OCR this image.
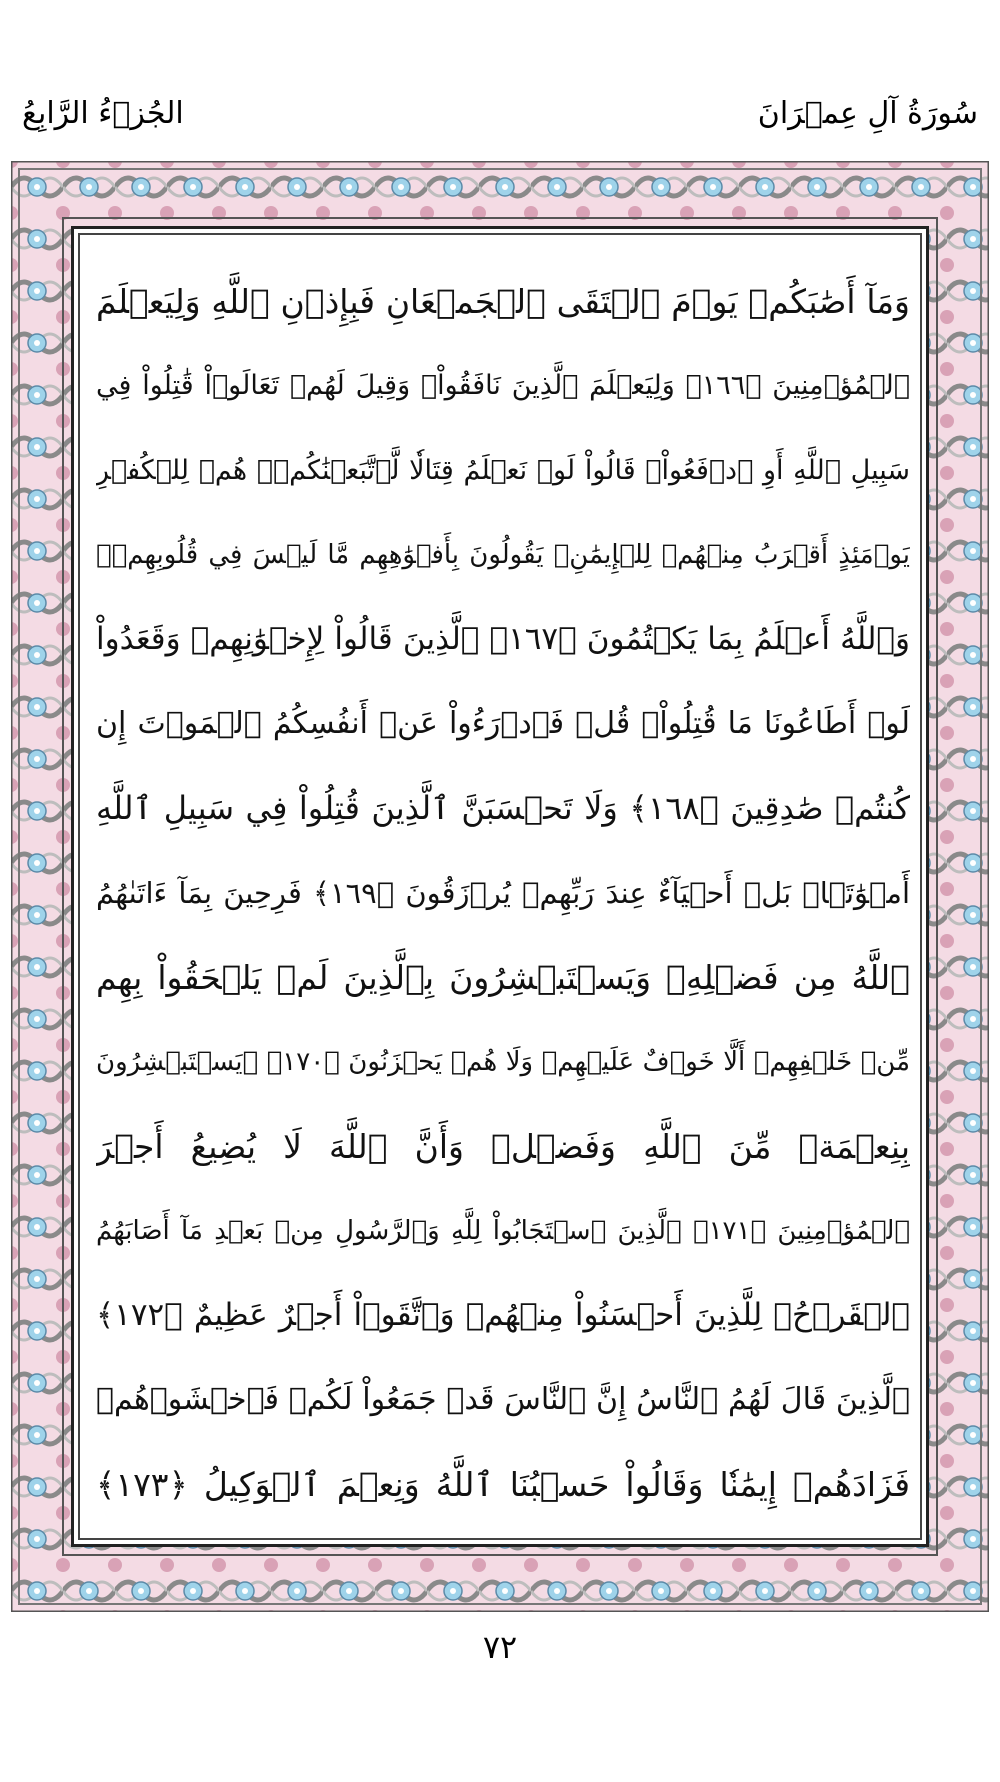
الجُزۡءُ الرَّابِعُ	سُورَةُ آلِ عِمۡرَانَ
وَمَآ أَصَٰبَكُمۡ يَوۡمَ ٱلۡتَقَى ٱلۡجَمۡعَانِ فَبِإِذۡنِ ٱللَّهِ وَلِيَعۡلَمَ
ٱلۡمُؤۡمِنِينَ ﴿١٦٦﴾ وَلِيَعۡلَمَ ٱلَّذِينَ نَافَقُواْۚ وَقِيلَ لَهُمۡ تَعَالَوۡاْ قَٰتِلُواْ فِي
سَبِيلِ ٱللَّهِ أَوِ ٱدۡفَعُواْۖ قَالُواْ لَوۡ نَعۡلَمُ قِتَالٗا لَّٱتَّبَعۡنَٰكُمۡۗ هُمۡ لِلۡكُفۡرِ
يَوۡمَئِذٍ أَقۡرَبُ مِنۡهُمۡ لِلۡإِيمَٰنِۚ يَقُولُونَ بِأَفۡوَٰهِهِم مَّا لَيۡسَ فِي قُلُوبِهِمۡۚ
وَٱللَّهُ أَعۡلَمُ بِمَا يَكۡتُمُونَ ﴿١٦٧﴾ ٱلَّذِينَ قَالُواْ لِإِخۡوَٰنِهِمۡ وَقَعَدُواْ
لَوۡ أَطَاعُونَا مَا قُتِلُواْۗ قُلۡ فَٱدۡرَءُواْ عَنۡ أَنفُسِكُمُ ٱلۡمَوۡتَ إِن
كُنتُمۡ صَٰدِقِينَ ﴿١٦٨﴾ وَلَا تَحۡسَبَنَّ ٱلَّذِينَ قُتِلُواْ فِي سَبِيلِ ٱللَّهِ
أَمۡوَٰتَۢاۚ بَلۡ أَحۡيَآءٌ عِندَ رَبِّهِمۡ يُرۡزَقُونَ ﴿١٦٩﴾ فَرِحِينَ بِمَآ ءَاتَىٰهُمُ
ٱللَّهُ مِن فَضۡلِهِۦ وَيَسۡتَبۡشِرُونَ بِٱلَّذِينَ لَمۡ يَلۡحَقُواْ بِهِم
مِّنۡ خَلۡفِهِمۡ أَلَّا خَوۡفٌ عَلَيۡهِمۡ وَلَا هُمۡ يَحۡزَنُونَ ﴿١٧٠﴾ ۞يَسۡتَبۡشِرُونَ
بِنِعۡمَةٖ مِّنَ ٱللَّهِ وَفَضۡلٖ وَأَنَّ ٱللَّهَ لَا يُضِيعُ أَجۡرَ
ٱلۡمُؤۡمِنِينَ ﴿١٧١﴾ ٱلَّذِينَ ٱسۡتَجَابُواْ لِلَّهِ وَٱلرَّسُولِ مِنۢ بَعۡدِ مَآ أَصَابَهُمُ
ٱلۡقَرۡحُۚ لِلَّذِينَ أَحۡسَنُواْ مِنۡهُمۡ وَٱتَّقَوۡاْ أَجۡرٌ عَظِيمٌ ﴿١٧٢﴾
ٱلَّذِينَ قَالَ لَهُمُ ٱلنَّاسُ إِنَّ ٱلنَّاسَ قَدۡ جَمَعُواْ لَكُمۡ فَٱخۡشَوۡهُمۡ
فَزَادَهُمۡ إِيمَٰنٗا وَقَالُواْ حَسۡبُنَا ٱللَّهُ وَنِعۡمَ ٱلۡوَكِيلُ ﴿١٧٣﴾
٧٢
